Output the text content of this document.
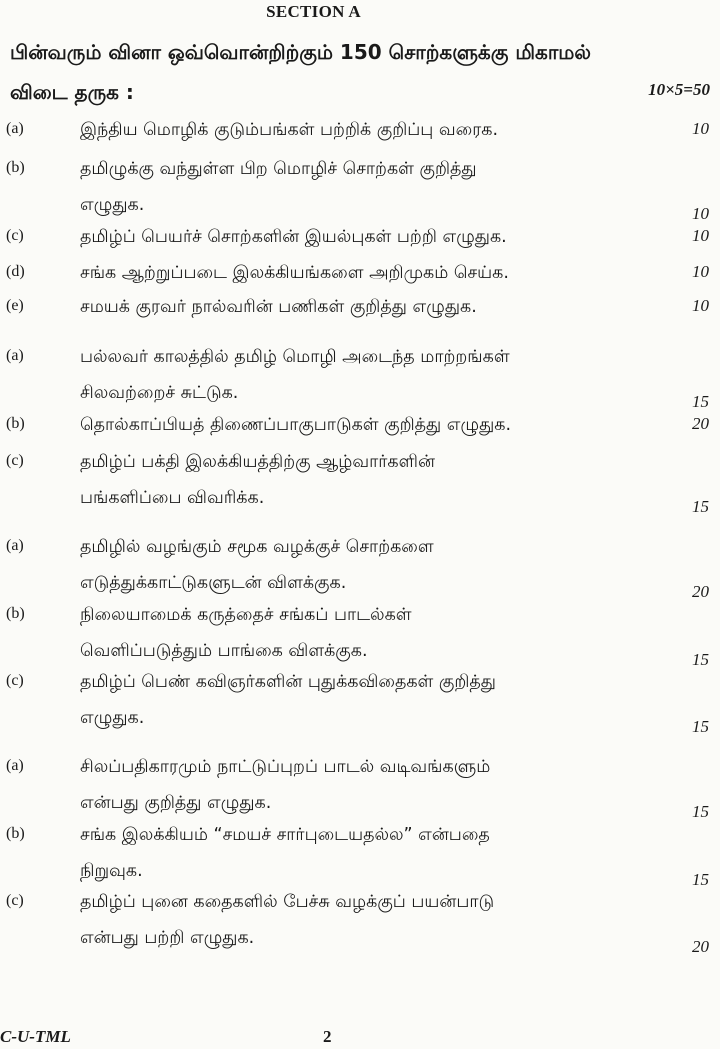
SECTION A
பின்வரும் வினா ஒவ்வொன்றிற்கும் 150 சொற்களுக்கு மிகாமல்
விடை தருக :	10×5=50
(a)	இந்திய மொழிக் குடும்பங்கள் பற்றிக் குறிப்பு வரைக.	10
(b)	தமிழுக்கு வந்துள்ள பிற மொழிச் சொற்கள் குறித்து
எழுதுக.	10
(c)	தமிழ்ப் பெயர்ச் சொற்களின் இயல்புகள் பற்றி எழுதுக.	10
(d)	சங்க ஆற்றுப்படை இலக்கியங்களை அறிமுகம் செய்க.	10
(e)	சமயக் குரவர் நால்வரின் பணிகள் குறித்து எழுதுக.	10
(a)	பல்லவர் காலத்தில் தமிழ் மொழி அடைந்த மாற்றங்கள்
சிலவற்றைச் சுட்டுக.	15
(b)	தொல்காப்பியத் திணைப்பாகுபாடுகள் குறித்து எழுதுக.	20
(c)	தமிழ்ப் பக்தி இலக்கியத்திற்கு ஆழ்வார்களின்
பங்களிப்பை விவரிக்க.	15
(a)	தமிழில் வழங்கும் சமூக வழக்குச் சொற்களை
எடுத்துக்காட்டுகளுடன் விளக்குக.	20
(b)	நிலையாமைக் கருத்தைச் சங்கப் பாடல்கள்
வெளிப்படுத்தும் பாங்கை விளக்குக.	15
(c)	தமிழ்ப் பெண் கவிஞர்களின் புதுக்கவிதைகள் குறித்து
எழுதுக.	15
(a)	சிலப்பதிகாரமும் நாட்டுப்புறப் பாடல் வடிவங்களும்
என்பது குறித்து எழுதுக.	15
(b)	சங்க இலக்கியம் “சமயச் சார்புடையதல்ல” என்பதை
நிறுவுக.	15
(c)	தமிழ்ப் புனை கதைகளில் பேச்சு வழக்குப் பயன்பாடு
என்பது பற்றி எழுதுக.	20
C-U-TML	2
